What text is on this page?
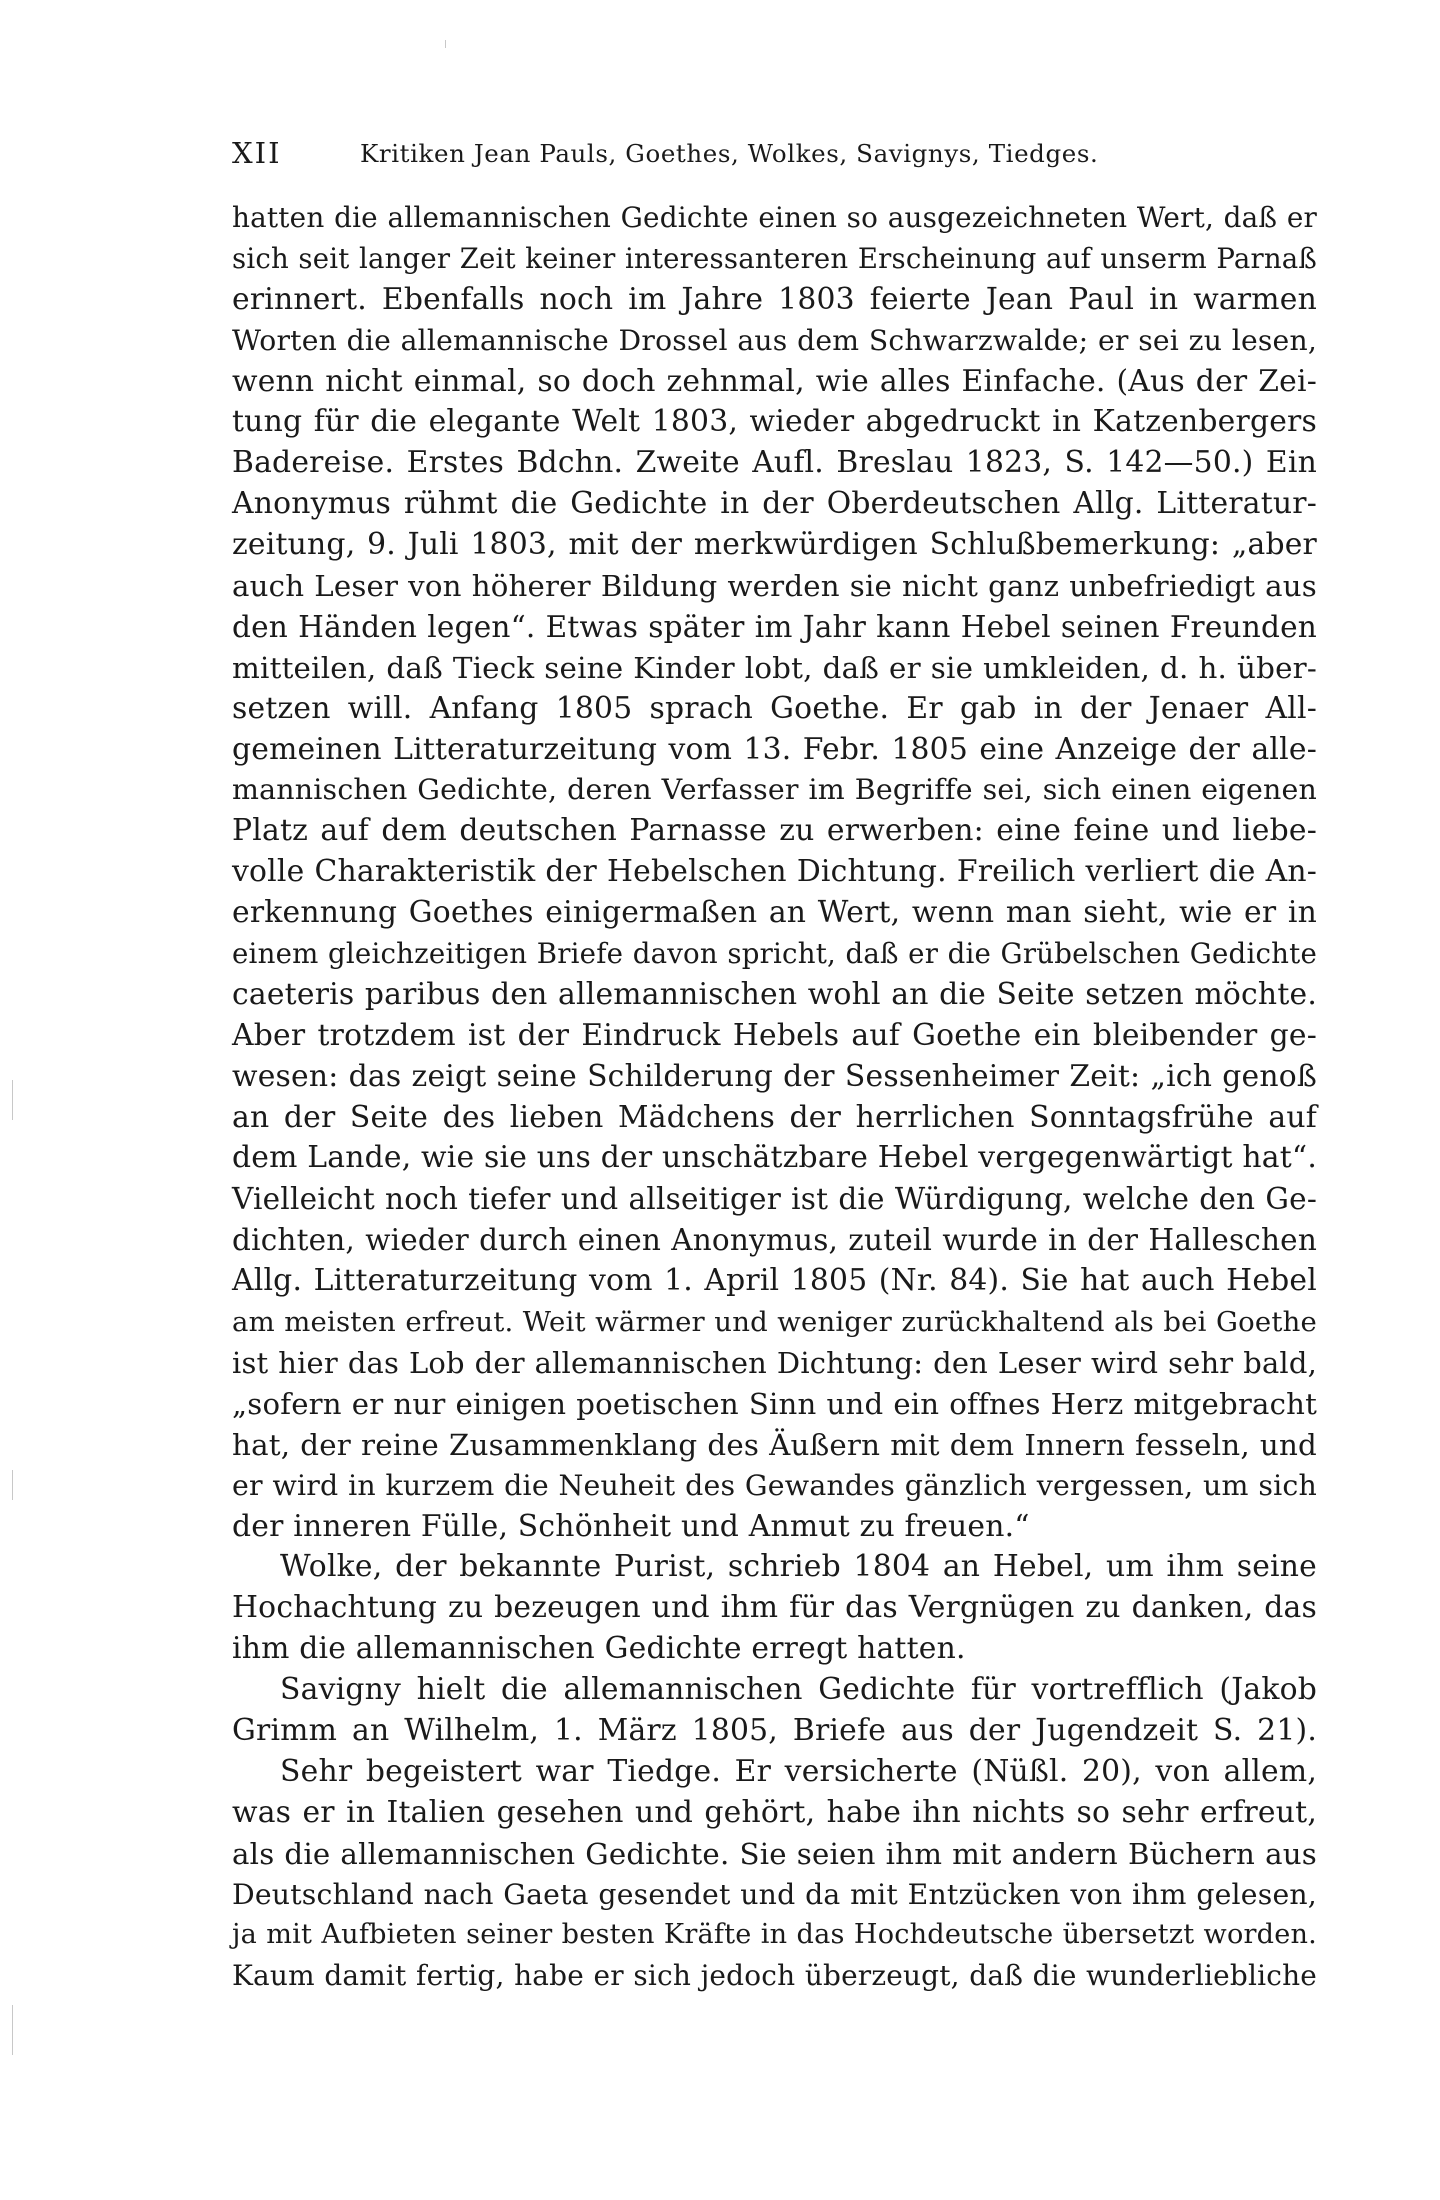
XII	Kritiken Jean Pauls, Goethes, Wolkes, Savignys, Tiedges.
hatten die allemannischen Gedichte einen so ausgezeichneten Wert, daß er
sich seit langer Zeit keiner interessanteren Erscheinung auf unserm Parnaß
erinnert. Ebenfalls noch im Jahre 1803 feierte Jean Paul in warmen
Worten die allemannische Drossel aus dem Schwarzwalde; er sei zu lesen,
wenn nicht einmal, so doch zehnmal, wie alles Einfache. (Aus der Zei-
tung für die elegante Welt 1803, wieder abgedruckt in Katzenbergers
Badereise. Erstes Bdchn. Zweite Aufl. Breslau 1823, S. 142—50.) Ein
Anonymus rühmt die Gedichte in der Oberdeutschen Allg. Litteratur-
zeitung, 9. Juli 1803, mit der merkwürdigen Schlußbemerkung: „aber
auch Leser von höherer Bildung werden sie nicht ganz unbefriedigt aus
den Händen legen“. Etwas später im Jahr kann Hebel seinen Freunden
mitteilen, daß Tieck seine Kinder lobt, daß er sie umkleiden, d. h. über-
setzen will. Anfang 1805 sprach Goethe. Er gab in der Jenaer All-
gemeinen Litteraturzeitung vom 13. Febr. 1805 eine Anzeige der alle-
mannischen Gedichte, deren Verfasser im Begriffe sei, sich einen eigenen
Platz auf dem deutschen Parnasse zu erwerben: eine feine und liebe-
volle Charakteristik der Hebelschen Dichtung. Freilich verliert die An-
erkennung Goethes einigermaßen an Wert, wenn man sieht, wie er in
einem gleichzeitigen Briefe davon spricht, daß er die Grübelschen Gedichte
caeteris paribus den allemannischen wohl an die Seite setzen möchte.
Aber trotzdem ist der Eindruck Hebels auf Goethe ein bleibender ge-
wesen: das zeigt seine Schilderung der Sessenheimer Zeit: „ich genoß
an der Seite des lieben Mädchens der herrlichen Sonntagsfrühe auf
dem Lande, wie sie uns der unschätzbare Hebel vergegenwärtigt hat“.
Vielleicht noch tiefer und allseitiger ist die Würdigung, welche den Ge-
dichten, wieder durch einen Anonymus, zuteil wurde in der Halleschen
Allg. Litteraturzeitung vom 1. April 1805 (Nr. 84). Sie hat auch Hebel
am meisten erfreut. Weit wärmer und weniger zurückhaltend als bei Goethe
ist hier das Lob der allemannischen Dichtung: den Leser wird sehr bald,
„sofern er nur einigen poetischen Sinn und ein offnes Herz mitgebracht
hat, der reine Zusammenklang des Äußern mit dem Innern fesseln, und
er wird in kurzem die Neuheit des Gewandes gänzlich vergessen, um sich
der inneren Fülle, Schönheit und Anmut zu freuen.“
Wolke, der bekannte Purist, schrieb 1804 an Hebel, um ihm seine
Hochachtung zu bezeugen und ihm für das Vergnügen zu danken, das
ihm die allemannischen Gedichte erregt hatten.
Savigny hielt die allemannischen Gedichte für vortrefflich (Jakob
Grimm an Wilhelm, 1. März 1805, Briefe aus der Jugendzeit S. 21).
Sehr begeistert war Tiedge. Er versicherte (Nüßl. 20), von allem,
was er in Italien gesehen und gehört, habe ihn nichts so sehr erfreut,
als die allemannischen Gedichte. Sie seien ihm mit andern Büchern aus
Deutschland nach Gaeta gesendet und da mit Entzücken von ihm gelesen,
ja mit Aufbieten seiner besten Kräfte in das Hochdeutsche übersetzt worden.
Kaum damit fertig, habe er sich jedoch überzeugt, daß die wunderliebliche
